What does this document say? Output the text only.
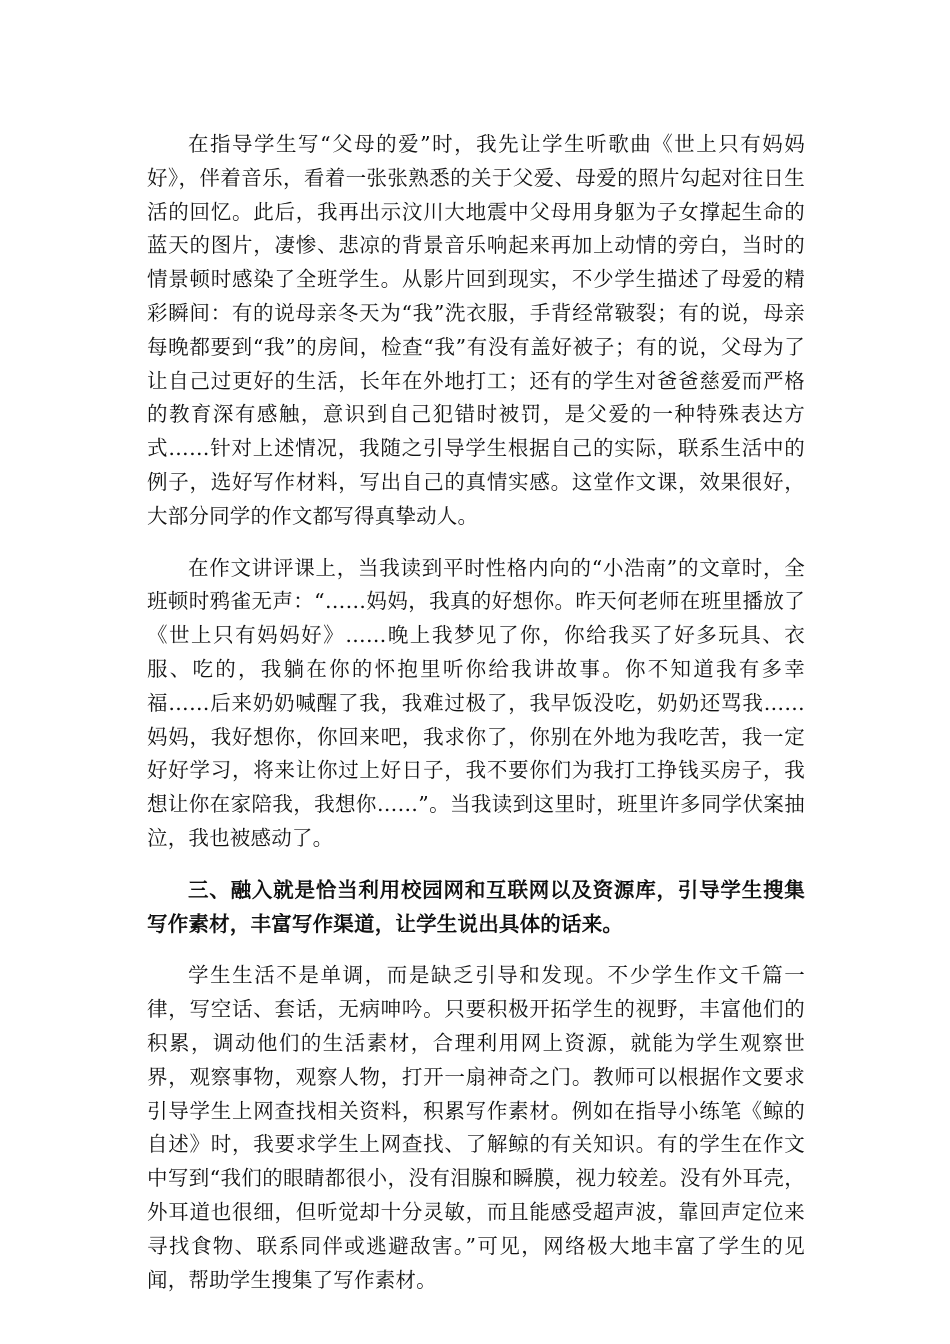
在指导学生写“父母的爱”时，我先让学生听歌曲《世上只有妈妈好》，伴着音乐，看着一张张熟悉的关于父爱、母爱的照片勾起对往日生活的回忆。此后，我再出示汶川大地震中父母用身躯为子女撑起生命的蓝天的图片，凄惨、悲凉的背景音乐响起来再加上动情的旁白，当时的情景顿时感染了全班学生。从影片回到现实，不少学生描述了母爱的精彩瞬间：有的说母亲冬天为“我”洗衣服，手背经常皲裂；有的说，母亲每晚都要到“我”的房间，检查“我”有没有盖好被子；有的说，父母为了让自己过更好的生活，长年在外地打工；还有的学生对爸爸慈爱而严格的教育深有感触，意识到自己犯错时被罚，是父爱的一种特殊表达方式……针对上述情况，我随之引导学生根据自己的实际，联系生活中的例子，选好写作材料，写出自己的真情实感。这堂作文课，效果很好，大部分同学的作文都写得真挚动人。

在作文讲评课上，当我读到平时性格内向的“小浩南”的文章时，全班顿时鸦雀无声：“……妈妈，我真的好想你。昨天何老师在班里播放了《世上只有妈妈好》……晚上我梦见了你，你给我买了好多玩具、衣服、吃的，我躺在你的怀抱里听你给我讲故事。你不知道我有多幸福……后来奶奶喊醒了我，我难过极了，我早饭没吃，奶奶还骂我……妈妈，我好想你，你回来吧，我求你了，你别在外地为我吃苦，我一定好好学习，将来让你过上好日子，我不要你们为我打工挣钱买房子，我想让你在家陪我，我想你……”。当我读到这里时，班里许多同学伏案抽泣，我也被感动了。

三、融入就是恰当利用校园网和互联网以及资源库，引导学生搜集写作素材，丰富写作渠道，让学生说出具体的话来。

学生生活不是单调，而是缺乏引导和发现。不少学生作文千篇一律，写空话、套话，无病呻吟。只要积极开拓学生的视野，丰富他们的积累，调动他们的生活素材，合理利用网上资源，就能为学生观察世界，观察事物，观察人物，打开一扇神奇之门。教师可以根据作文要求引导学生上网查找相关资料，积累写作素材。例如在指导小练笔《鲸的自述》时，我要求学生上网查找、了解鲸的有关知识。有的学生在作文中写到“我们的眼睛都很小，没有泪腺和瞬膜，视力较差。没有外耳壳，外耳道也很细，但听觉却十分灵敏，而且能感受超声波，靠回声定位来寻找食物、联系同伴或逃避敌害。”可见，网络极大地丰富了学生的见闻，帮助学生搜集了写作素材。
